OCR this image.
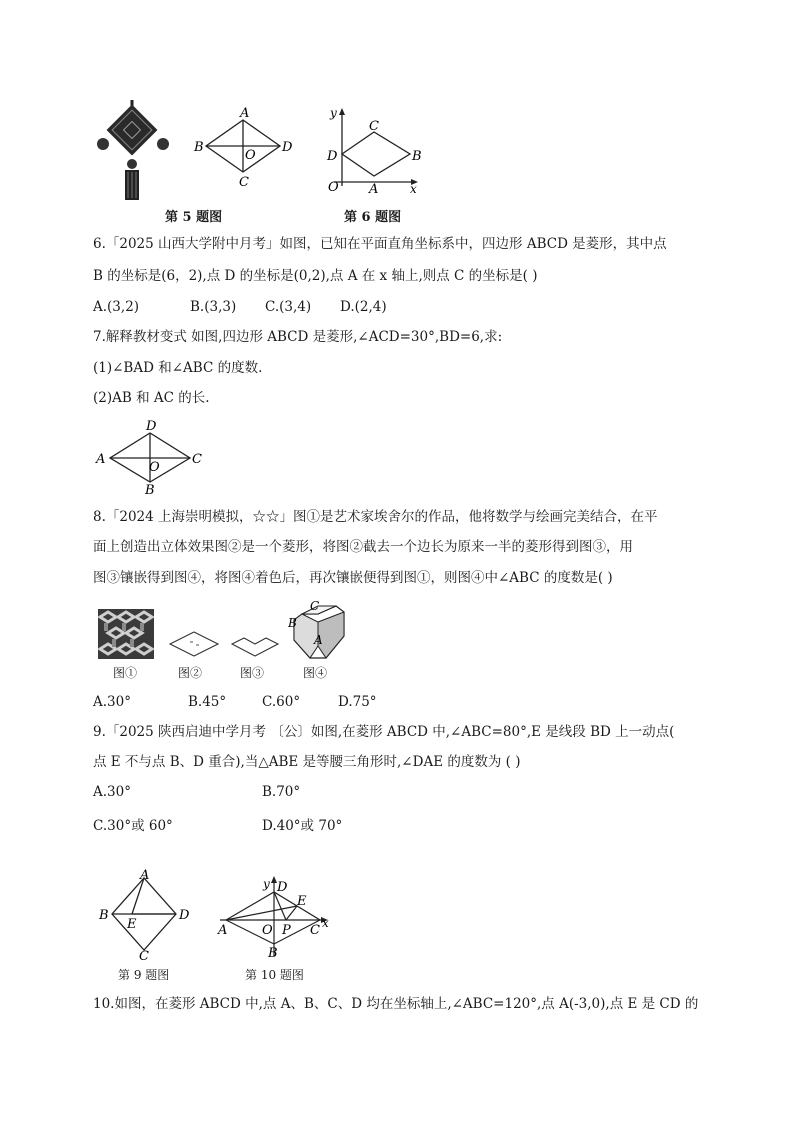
A
B
O
D
C
第 5 题图
y
C
D	B
O A	x
第 6 题图
6.「2025 山西大学附中月考」如图，已知在平面直角坐标系中，四边形 ABCD 是菱形，其中点
B 的坐标是(6，2),点 D 的坐标是(0,2),点 A 在 x 轴上,则点 C 的坐标是( )
A.(3,2)	B.(3,3) C.(3,4) D.(2,4)
7.解释教材变式 如图,四边形 ABCD 是菱形,∠ACD=30°,BD=6,求:
(1)∠BAD 和∠ABC 的度数.
(2)AB 和 AC 的长.
D
A
O
C
B
8.「2024 上海崇明模拟，☆☆」图①是艺术家埃舍尔的作品，他将数学与绘画完美结合，在平
面上创造出立体效果图②是一个菱形，将图②截去一个边长为原来一半的菱形得到图③，用
图③镶嵌得到图④，将图④着色后，再次镶嵌便得到图①，则图④中∠ABC 的度数是( )
图①	图②	图③
C
B
A
图④
A.30°	B.45°	C.60°	D.75°
9.「2025 陕西启迪中学月考 〔公〕如图,在菱形 ABCD 中,∠ABC=80°,E 是线段 BD 上一动点(
点 E 不与点 B、D 重合),当△ABE 是等腰三角形时,∠DAE 的度数为 ( )
A.30°	B.70°
C.30°或 60°	D.40°或 70°
A
B
E
D
C
第 9 题图
y D
E
x
A	O P C
B
第 10 题图
10.如图，在菱形 ABCD 中,点 A、B、C、D 均在坐标轴上,∠ABC=120°,点 A(-3,0),点 E 是 CD 的
